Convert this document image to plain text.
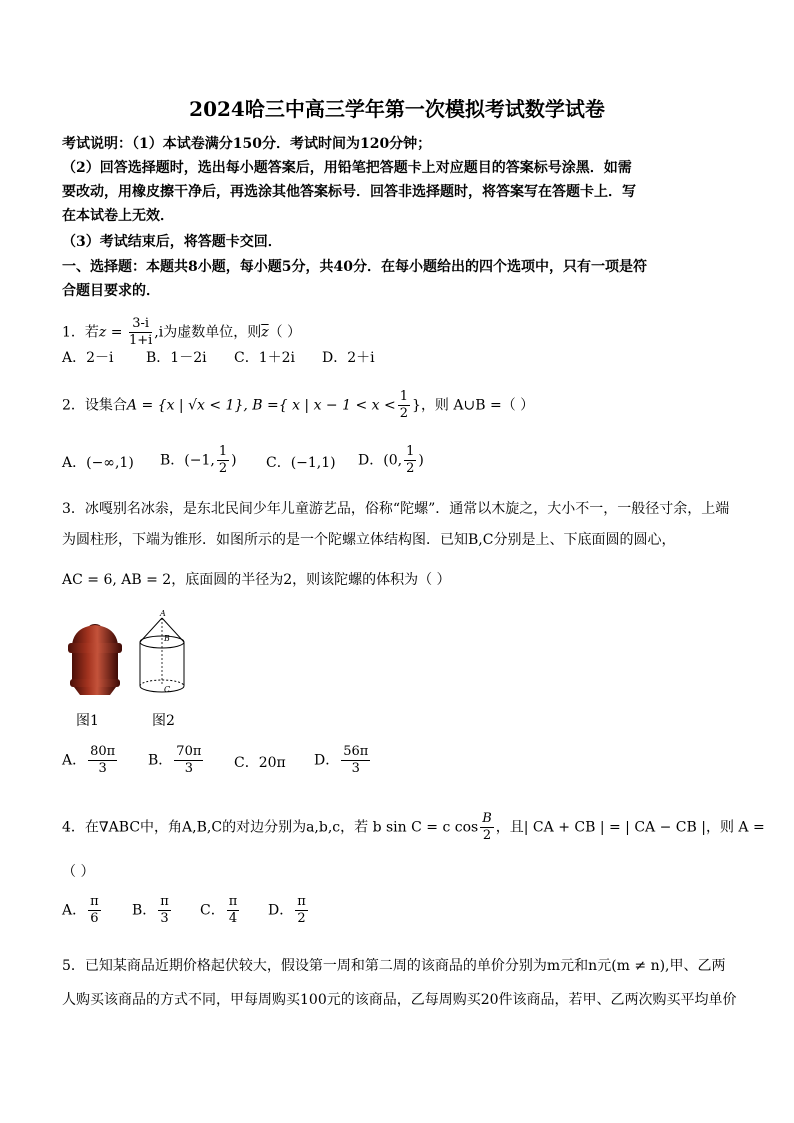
2024哈三中高三学年第一次模拟考试数学试卷
考试说明：（1）本试卷满分150分．考试时间为120分钟；
（2）回答选择题时，选出每小题答案后，用铅笔把答题卡上对应题目的答案标号涂黑．如需
要改动，用橡皮擦干净后，再选涂其他答案标号．回答非选择题时，将答案写在答题卡上．写
在本试卷上无效．
（3）考试结束后，将答题卡交回．
一、选择题：本题共8小题，每小题5分，共40分．在每小题给出的四个选项中，只有一项是符
合题目要求的．
1．若$z = \frac{3-i}{1+i} ,i$为虚数单位，则$\overline{z}$（ ）
A．2－i B．1－2i C．1＋2i D．2＋i
2．设集合A = {x | √x < 1}, B ={ x | $x - 1 < x < \frac{1}{2}$ }，则 A∪B =（ ）
A．(−∞,1) B．(−1, $\frac{1}{2}$ ) C．(−1,1) D．(0, $\frac{1}{2}$ )
3．冰嘎别名冰尜，是东北民间少年儿童游艺品，俗称“陀螺”．通常以木旋之，大小不一，一般径寸余，上端
为圆柱形，下端为锥形．如图所示的是一个陀螺立体结构图．已知B,C分别是上、下底面圆的圆心，
AC = 6, AB = 2，底面圆的半径为2，则该陀螺的体积为（ ）
A
B
C
图1	图2
A． $\frac{80\pi}{3}$ B． $\frac{70\pi}{3}$ C．20π D． $\frac{56\pi}{3}$
4．在∇ABC中，角A,B,C的对边分别为a,b,c，若 b sin C = c $\cos \frac{B}{2}$ ，且| CA + CB | = | CA − CB |，则 A =
（ ）
A． $\frac{\pi}{6}$ B． $\frac{\pi}{3}$ C． $\frac{\pi}{4}$ D． $\frac{\pi}{2}$
5．已知某商品近期价格起伏较大，假设第一周和第二周的该商品的单价分别为m元和n元(m ≠ n),甲、乙两
人购买该商品的方式不同，甲每周购买100元的该商品，乙每周购买20件该商品，若甲、乙两次购买平均单价
